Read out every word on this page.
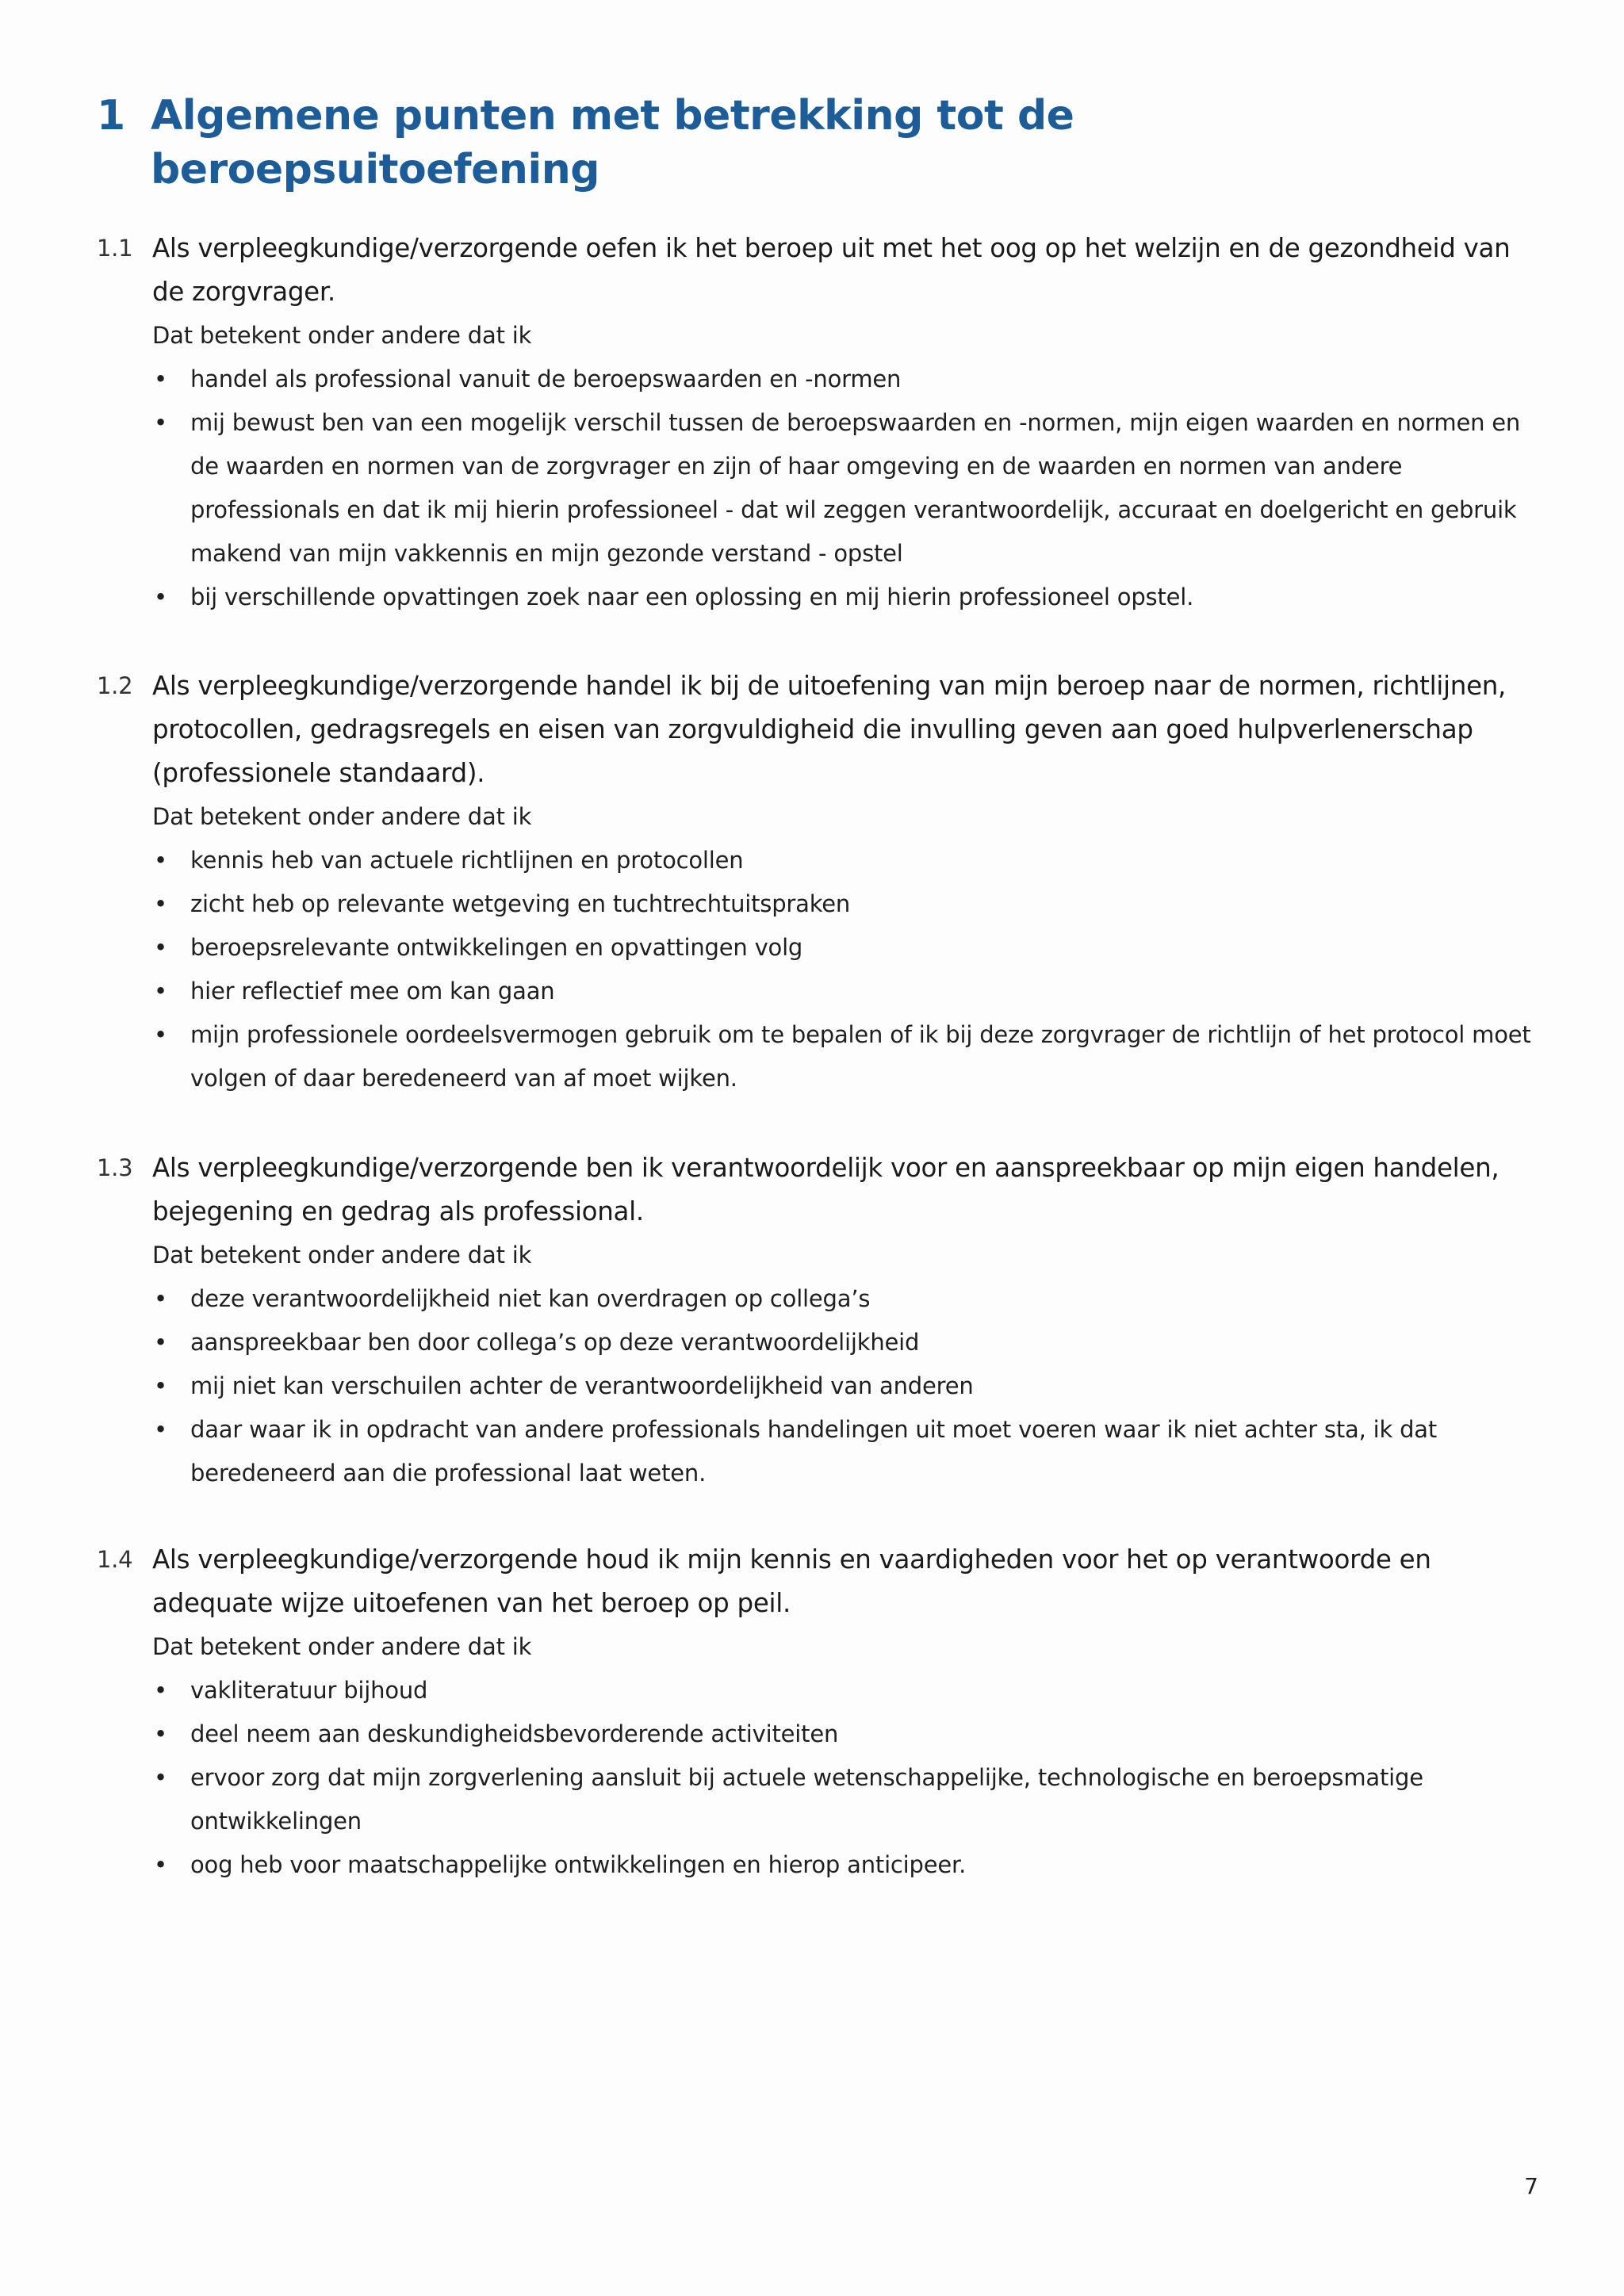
1 Algemene punten met betrekking tot de
beroepsuitoefening
1.1 Als verpleegkundige/verzorgende oefen ik het beroep uit met het oog op het welzijn en de gezondheid van de zorgvrager.
Dat betekent onder andere dat ik
• handel als professional vanuit de beroepswaarden en -normen
• mij bewust ben van een mogelijk verschil tussen de beroepswaarden en -normen, mijn eigen waarden en normen en de waarden en normen van de zorgvrager en zijn of haar omgeving en de waarden en normen van andere professionals en dat ik mij hierin professioneel - dat wil zeggen verantwoordelijk, accuraat en doelgericht en gebruik makend van mijn vakkennis en mijn gezonde verstand - opstel
• bij verschillende opvattingen zoek naar een oplossing en mij hierin professioneel opstel.
1.2 Als verpleegkundige/verzorgende handel ik bij de uitoefening van mijn beroep naar de normen, richtlijnen, protocollen, gedragsregels en eisen van zorgvuldigheid die invulling geven aan goed hulpverlenerschap (professionele standaard).
Dat betekent onder andere dat ik
• kennis heb van actuele richtlijnen en protocollen
• zicht heb op relevante wetgeving en tuchtrechtuitspraken
• beroepsrelevante ontwikkelingen en opvattingen volg
• hier reflectief mee om kan gaan
• mijn professionele oordeelsvermogen gebruik om te bepalen of ik bij deze zorgvrager de richtlijn of het protocol moet volgen of daar beredeneerd van af moet wijken.
1.3 Als verpleegkundige/verzorgende ben ik verantwoordelijk voor en aanspreekbaar op mijn eigen handelen, bejegening en gedrag als professional.
Dat betekent onder andere dat ik
• deze verantwoordelijkheid niet kan overdragen op collega’s
• aanspreekbaar ben door collega’s op deze verantwoordelijkheid
• mij niet kan verschuilen achter de verantwoordelijkheid van anderen
• daar waar ik in opdracht van andere professionals handelingen uit moet voeren waar ik niet achter sta, ik dat beredeneerd aan die professional laat weten.
1.4 Als verpleegkundige/verzorgende houd ik mijn kennis en vaardigheden voor het op verantwoorde en adequate wijze uitoefenen van het beroep op peil.
Dat betekent onder andere dat ik
• vakliteratuur bijhoud
• deel neem aan deskundigheidsbevorderende activiteiten
• ervoor zorg dat mijn zorgverlening aansluit bij actuele wetenschappelijke, technologische en beroepsmatige ontwikkelingen
• oog heb voor maatschappelijke ontwikkelingen en hierop anticipeer.
7
